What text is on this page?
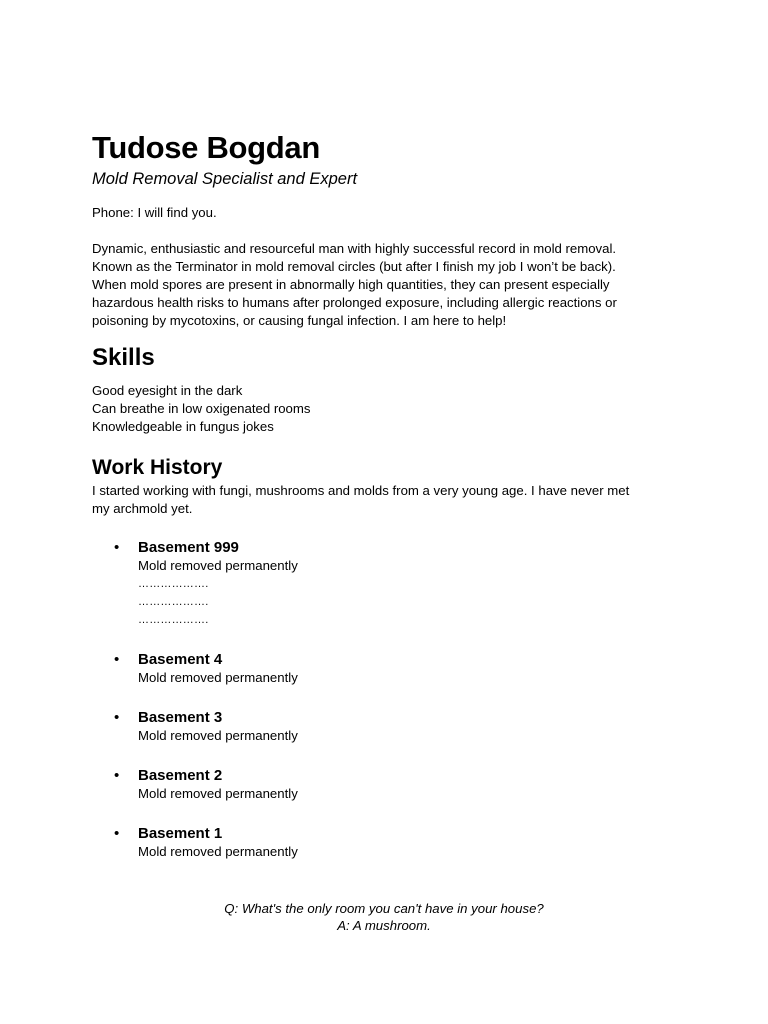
Tudose Bogdan
Mold Removal Specialist and Expert

Phone: I will find you.

Dynamic, enthusiastic and resourceful man with highly successful record in mold removal.
Known as the Terminator in mold removal circles (but after I finish my job I won’t be back).
When mold spores are present in abnormally high quantities, they can present especially
hazardous health risks to humans after prolonged exposure, including allergic reactions or
poisoning by mycotoxins, or causing fungal infection. I am here to help!
Skills
Good eyesight in the dark
Can breathe in low oxigenated rooms
Knowledgeable in fungus jokes
Work History
I started working with fungi, mushrooms and molds from a very young age. I have never met
my archmold yet.
• Basement 999
Mold removed permanently
……………….
……………….
……………….
• Basement 4
Mold removed permanently
• Basement 3
Mold removed permanently
• Basement 2
Mold removed permanently
• Basement 1
Mold removed permanently
Q: What's the only room you can't have in your house?
A: A mushroom.
